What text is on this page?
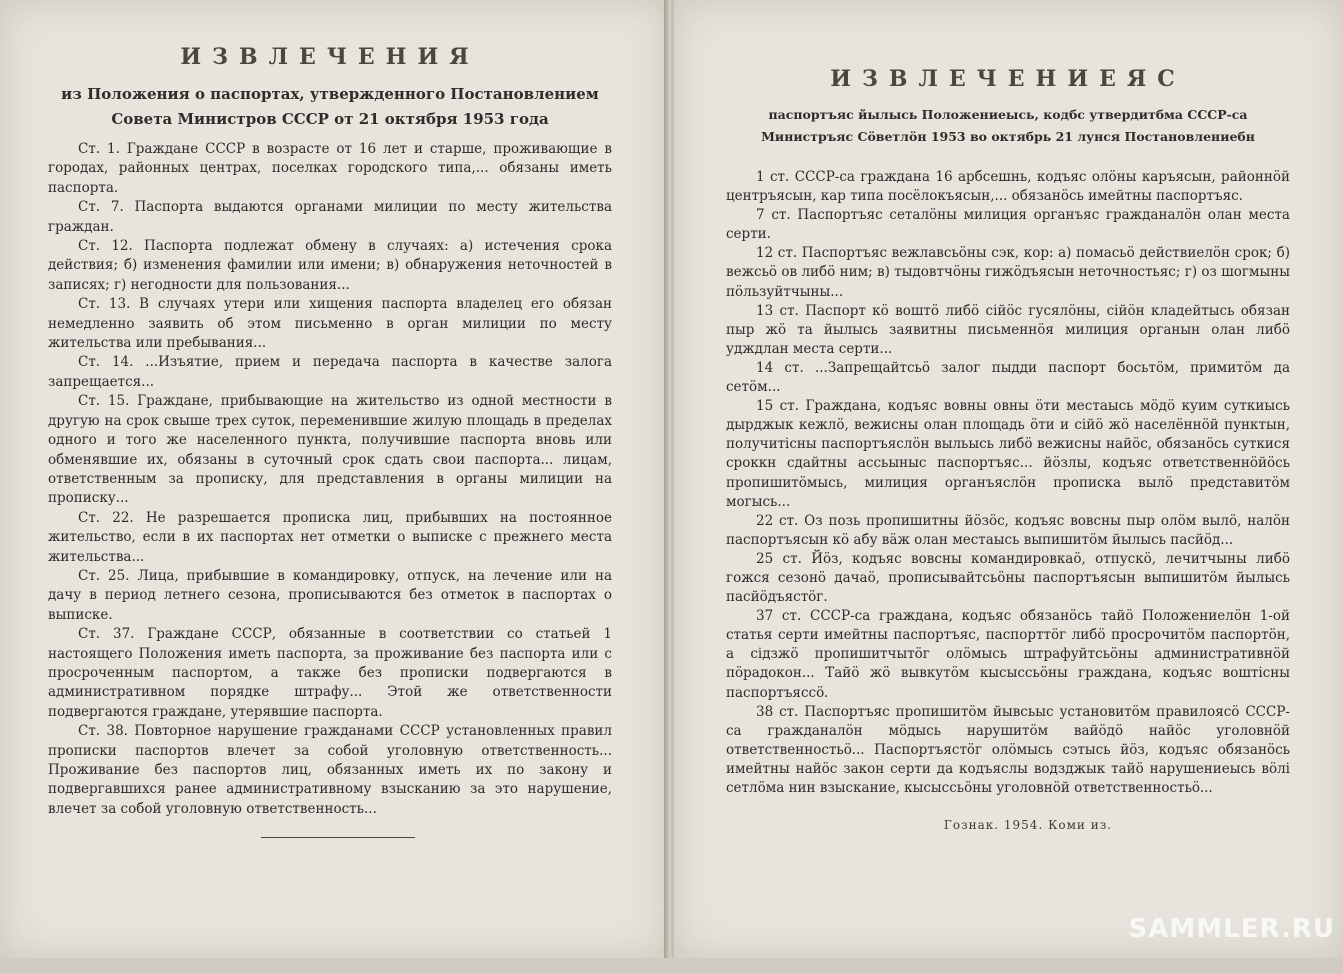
ИЗВЛЕЧЕНИЯ
из Положения о паспортах, утвержденного Постановлением
Совета Министров СССР от 21 октября 1953 года

Ст. 1. Граждане СССР в возрасте от 16 лет и старше, проживающие в городах, районных центрах, поселках городского типа,... обязаны иметь паспорта.

Ст. 7. Паспорта выдаются органами милиции по месту жительства граждан.

Ст. 12. Паспорта подлежат обмену в случаях: а) истечения срока действия; б) изменения фамилии или имени; в) обнаружения неточностей в записях; г) негодности для пользования...

Ст. 13. В случаях утери или хищения паспорта владелец его обязан немедленно заявить об этом письменно в орган милиции по месту жительства или пребывания...

Ст. 14. ...Изъятие, прием и передача паспорта в качестве залога запрещается...

Ст. 15. Граждане, прибывающие на жительство из одной местности в другую на срок свыше трех суток, переменившие жилую площадь в пределах одного и того же населенного пункта, получившие паспорта вновь или обменявшие их, обязаны в суточный срок сдать свои паспорта... лицам, ответственным за прописку, для представления в органы милиции на прописку...

Ст. 22. Не разрешается прописка лиц, прибывших на постоянное жительство, если в их паспортах нет отметки о выписке с прежнего места жительства...

Ст. 25. Лица, прибывшие в командировку, отпуск, на лечение или на дачу в период летнего сезона, прописываются без отметок в паспортах о выписке.

Ст. 37. Граждане СССР, обязанные в соответствии со статьей 1 настоящего Положения иметь паспорта, за проживание без паспорта или с просроченным паспортом, а также без прописки подвергаются в административном порядке штрафу... Этой же ответственности подвергаются граждане, утерявшие паспорта.

Ст. 38. Повторное нарушение гражданами СССР установленных правил прописки паспортов влечет за собой уголовную ответственность... Проживание без паспортов лиц, обязанных иметь их по закону и подвергавшихся ранее административному взысканию за это нарушение, влечет за собой уголовную ответственность...

ИЗВЛЕЧЕНИЕЯС
паспортъяс йылысь Положениеысь, кодбс утвердитбма СССР-са
Министръяс Сöветлöн 1953 во октябрь 21 лунся Постановлениебн

1 ст. СССР-са граждана 16 арбсешнь, кодъяс олöны каръясын, районнöй центръясын, кар типа посёлокъясын,... обязанöсь имейтны паспортъяс.

7 ст. Паспортъяс сеталöны милиция органъяс гражданалöн олан места серти.

12 ст. Паспортъяс вежлавсьöны сэк, кор: а) помасьö действиелöн срок; б) вежсьö ов либö ним; в) тыдовтчöны гижöдъясын неточностьяс; г) оз шогмыны пöльзуйтчыны...

13 ст. Паспорт кö воштö либö сійöс гусялöны, сійöн кладейтысь обязан пыр жö та йылысь заявитны письменнöя милиция органын олан либö удждлан места серти...

14 ст. ...Запрещайтсьö залог пыдди паспорт босьтöм, примитöм да сетöм...

15 ст. Граждана, кодъяс вовны овны öти местаысь мöдö куим суткиысь дырджык кежлö, вежисны олан площадь öти и сійö жö населённöй пунктын, получитісны паспортъяслöн выльысь либö вежисны найöс, обязанöсь суткися сроккн сдайтны ассьыныс паспортъяс... йöзлы, кодъяс ответственнöйöсь пропишитöмысь, милиция органъяслöн прописка вылö представитöм могысь...

22 ст. Оз позь пропишитны йöзöс, кодъяс вовсны пыр олöм вылö, налöн паспортъясын кö абу вäж олан местаысь выпишитöм йылысь пасйöд...

25 ст. Йöз, кодъяс вовсны командировкаö, отпускö, лечитчыны либö гожся сезонö дачаö, прописывайтсьöны паспортъясын выпишитöм йылысь пасйöдъястöг.

37 ст. СССР-са граждана, кодъяс обязанöсь тайö Положениелöн 1-ой статья серти имейтны паспортъяс, паспорттöг либö просрочитöм паспортöн, а сідзжö пропишитчытöг олöмысь штрафуйтсьöны административнöй пöрадокон... Тайö жö вывкутöм кысыссьöны граждана, кодъяс воштісны паспортъяссö.

38 ст. Паспортъяс пропишитöм йывсьыс установитöм правилоясö СССР-са гражданалöн мöдысь нарушитöм вайöдö найöс уголовнöй ответственностьö... Паспортъястöг олöмысь сэтысь йöз, кодъяс обязанöсь имейтны найöс закон серти да кодъяслы водзджык тайö нарушениеысь вöлі сетлöма нин взыскание, кысыссьöны уголовнöй ответственностьö...

Гознак. 1954. Коми из.
SAMMLER.RU
